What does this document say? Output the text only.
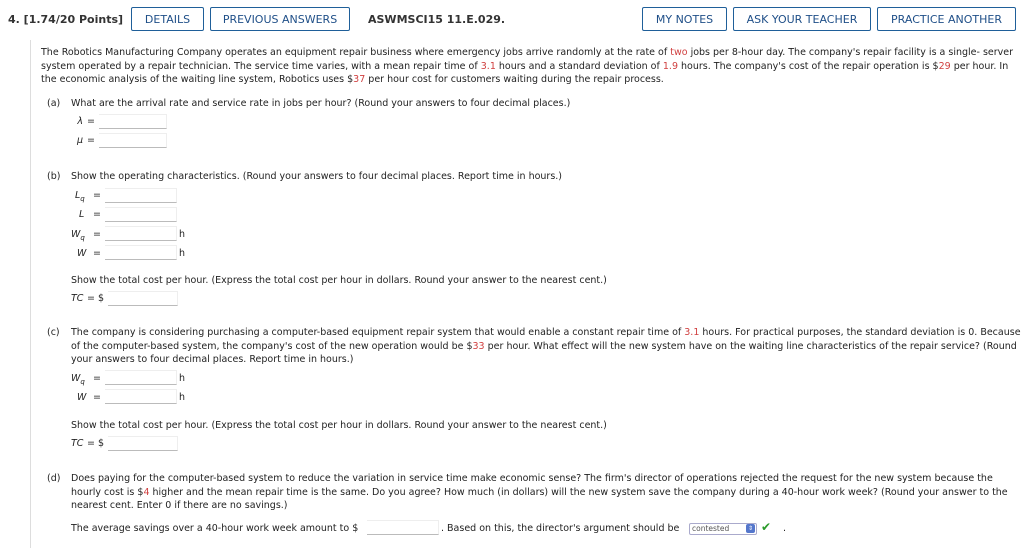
4. [1.74/20 Points]	DETAILS	PREVIOUS ANSWERS	ASWMSCI15 11.E.029.	MY NOTES	ASK YOUR TEACHER	PRACTICE ANOTHER
The Robotics Manufacturing Company operates an equipment repair business where emergency jobs arrive randomly at the rate of two jobs per 8-hour day. The company's repair facility is a single- server system operated by a repair technician. The service time varies, with a mean repair time of 3.1 hours and a standard deviation of 1.9 hours. The company's cost of the repair operation is $29 per hour. In the economic analysis of the waiting line system, Robotics uses $37 per hour cost for customers waiting during the repair process.
(a) What are the arrival rate and service rate in jobs per hour? (Round your answers to four decimal places.)
λ =
μ =
(b) Show the operating characteristics. (Round your answers to four decimal places. Report time in hours.)
$L_q$ =
L =
$W_q$ =	h
W =	h
Show the total cost per hour. (Express the total cost per hour in dollars. Round your answer to the nearest cent.)
TC = $
(c) The company is considering purchasing a computer-based equipment repair system that would enable a constant repair time of 3.1 hours. For practical purposes, the standard deviation is 0. Because of the computer-based system, the company's cost of the new operation would be $33 per hour. What effect will the new system have on the waiting line characteristics of the repair service? (Round your answers to four decimal places. Report time in hours.)
$W_q$ =	h
W =	h
Show the total cost per hour. (Express the total cost per hour in dollars. Round your answer to the nearest cent.)
TC = $
(d) Does paying for the computer-based system to reduce the variation in service time make economic sense? The firm's director of operations rejected the request for the new system because the hourly cost is $4 higher and the mean repair time is the same. Do you agree? How much (in dollars) will the new system save the company during a 40-hour work week? (Round your answer to the nearest cent. Enter 0 if there are no savings.)
The average savings over a 40-hour work week amount to $	. Based on this, the director's argument should be	contested	⇕ ✔ .
